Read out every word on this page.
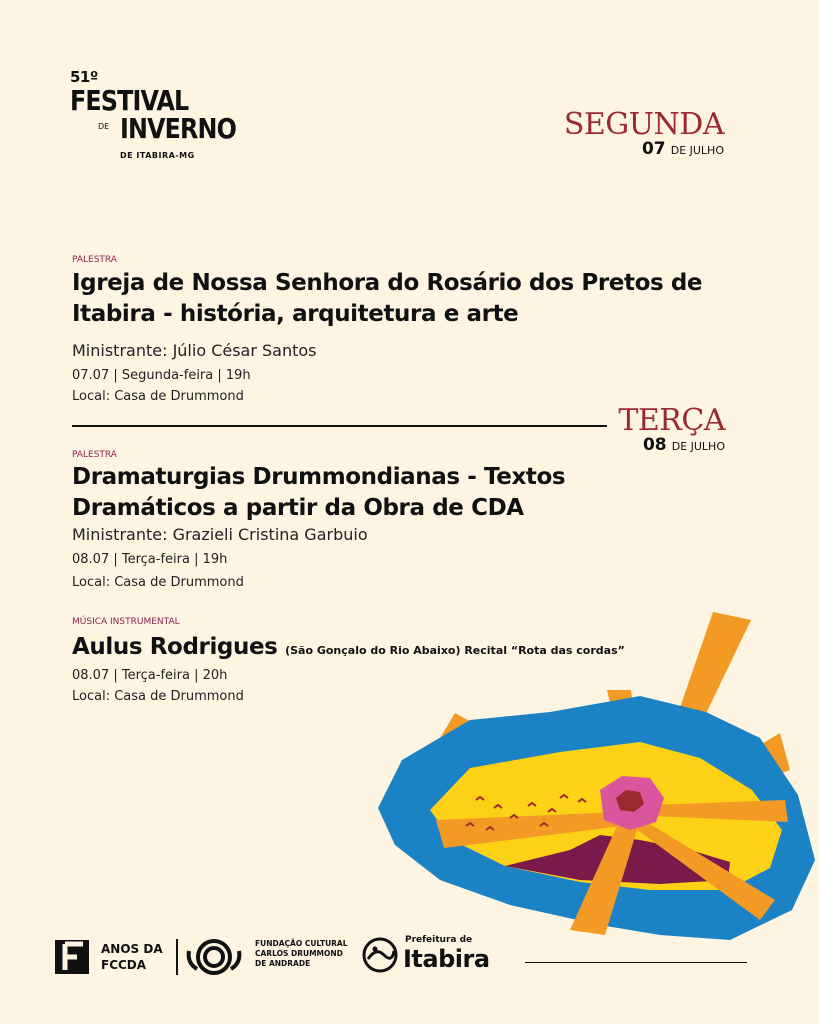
51º
FESTIVAL
DE INVERNO
DE ITABIRA-MG
SEGUNDA
07 DE JULHO
PALESTRA
Igreja de Nossa Senhora do Rosário dos Pretos de
Itabira - história, arquitetura e arte
Ministrante: Júlio César Santos
07.07 | Segunda-feira | 19h
Local: Casa de Drummond
TERÇA
08 DE JULHO
PALESTRA
Dramaturgias Drummondianas - Textos
Dramáticos a partir da Obra de CDA
Ministrante: Grazieli Cristina Garbuio
08.07 | Terça-feira | 19h
Local: Casa de Drummond
MÚSICA INSTRUMENTAL
Aulus Rodrigues (São Gonçalo do Rio Abaixo) Recital “Rota das cordas”
08.07 | Terça-feira | 20h
Local: Casa de Drummond
ANOS DA
FCCDA
FUNDAÇÃO CULTURAL
CARLOS DRUMMOND
DE ANDRADE
Prefeitura de
Itabira
